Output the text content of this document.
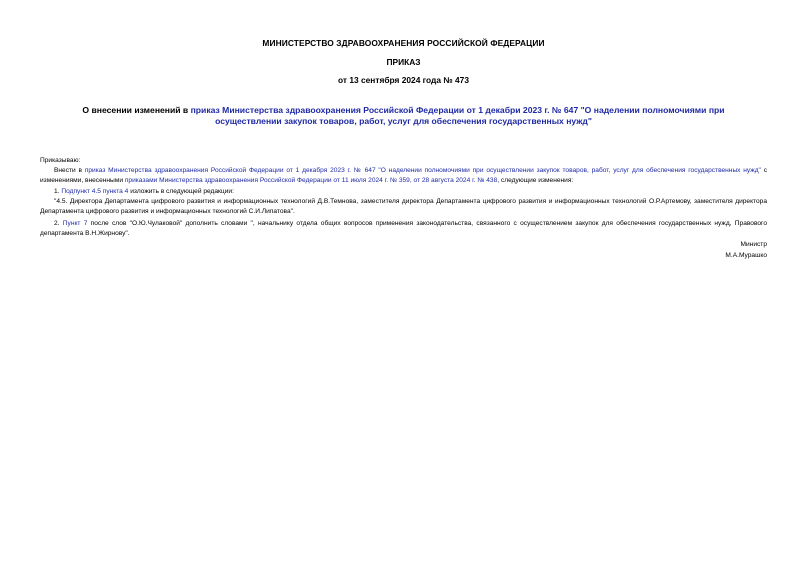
МИНИСТЕРСТВО ЗДРАВООХРАНЕНИЯ РОССИЙСКОЙ ФЕДЕРАЦИИ
ПРИКАЗ
от 13 сентября 2024 года № 473
О внесении изменений в приказ Министерства здравоохранения Российской Федерации от 1 декабри 2023 г. № 647 "О наделении полномочиями при осуществлении закупок товаров, работ, услуг для обеспечения государственных нужд"
Приказываю:
Внести в приказ Министерства здравоохранения Российской Федерации от 1 декабря 2023 г. № 647 "О наделении полномочиями при осуществлении закупок товаров, работ, услуг для обеспечения государственных нужд" с изменениями, внесенными приказами Министерства здравоохранения Российской Федерации от 11 июля 2024 г. № 359, от 28 августа 2024 г. № 438, следующие изменения:
1. Подпункт 4.5 пункта 4 изложить в следующей редакции:
"4.5. Директора Департамента цифрового развития и информационных технологий Д.В.Темнова, заместителя директора Департамента цифрового развития и информационных технологий О.Р.Артемову, заместителя директора Департамента цифрового развития и информационных технологий С.И.Липатова".
2. Пункт 7 после слов "О.Ю.Чулаковой" дополнить словами ", начальнику отдела общих вопросов применения законодательства, связанного с осуществлением закупок для обеспечения государственных нужд, Правового департамента В.Н.Жирнову".
Министр
М.А.Мурашко
